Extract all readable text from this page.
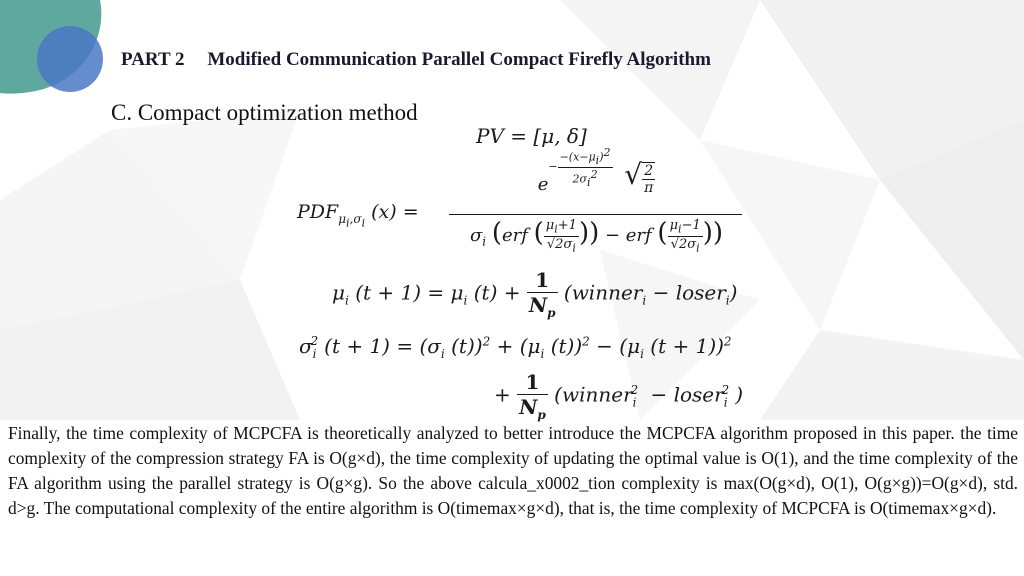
PART 2 Modified Communication Parallel Compact Firefly Algorithm
C. Compact optimization method
PV = [μ, δ]
$PDF_{\mu_i,\sigma_i}$ (x) =
$e^{- \frac{-(x-\mu_i)^2}{2\sigma_i^2}}$ √ $\frac{2}{\pi}$
$\sigma_i$ (erf ( $\frac{\mu_i+1}{√2\sigma_i}$ )) − erf ( $\frac{\mu_i-1}{√2\sigma_i}$ ))
$\mu_i$ $(t + 1) = \mu_i$ $(t) + \frac{1}{N_p}$ (winner$_i$ − loser$_i$)
$\sigma_i^2$ $(t + 1) = (\sigma_i$ $(t))^2 + (\mu_i$ $(t))^2 - (\mu_i$ (t + 1))$^2$
+ $\frac{1}{N_p}$ (winner$_i^2$ − loser$_i^2$ )
Finally, the time complexity of MCPCFA is theoretically analyzed to better introduce the MCPCFA algorithm proposed in this paper. the time complexity of the compression strategy FA is O(g×d), the time complexity of updating the optimal value is O(1), and the time complexity of the FA algorithm using the parallel strategy is O(g×g). So the above calcula_x0002_tion complexity is max(O(g×d), O(1), O(g×g))=O(g×d), std. d>g. The computational complexity of the entire algorithm is O(timemax×g×d), that is, the time complexity of MCPCFA is O(timemax×g×d).
